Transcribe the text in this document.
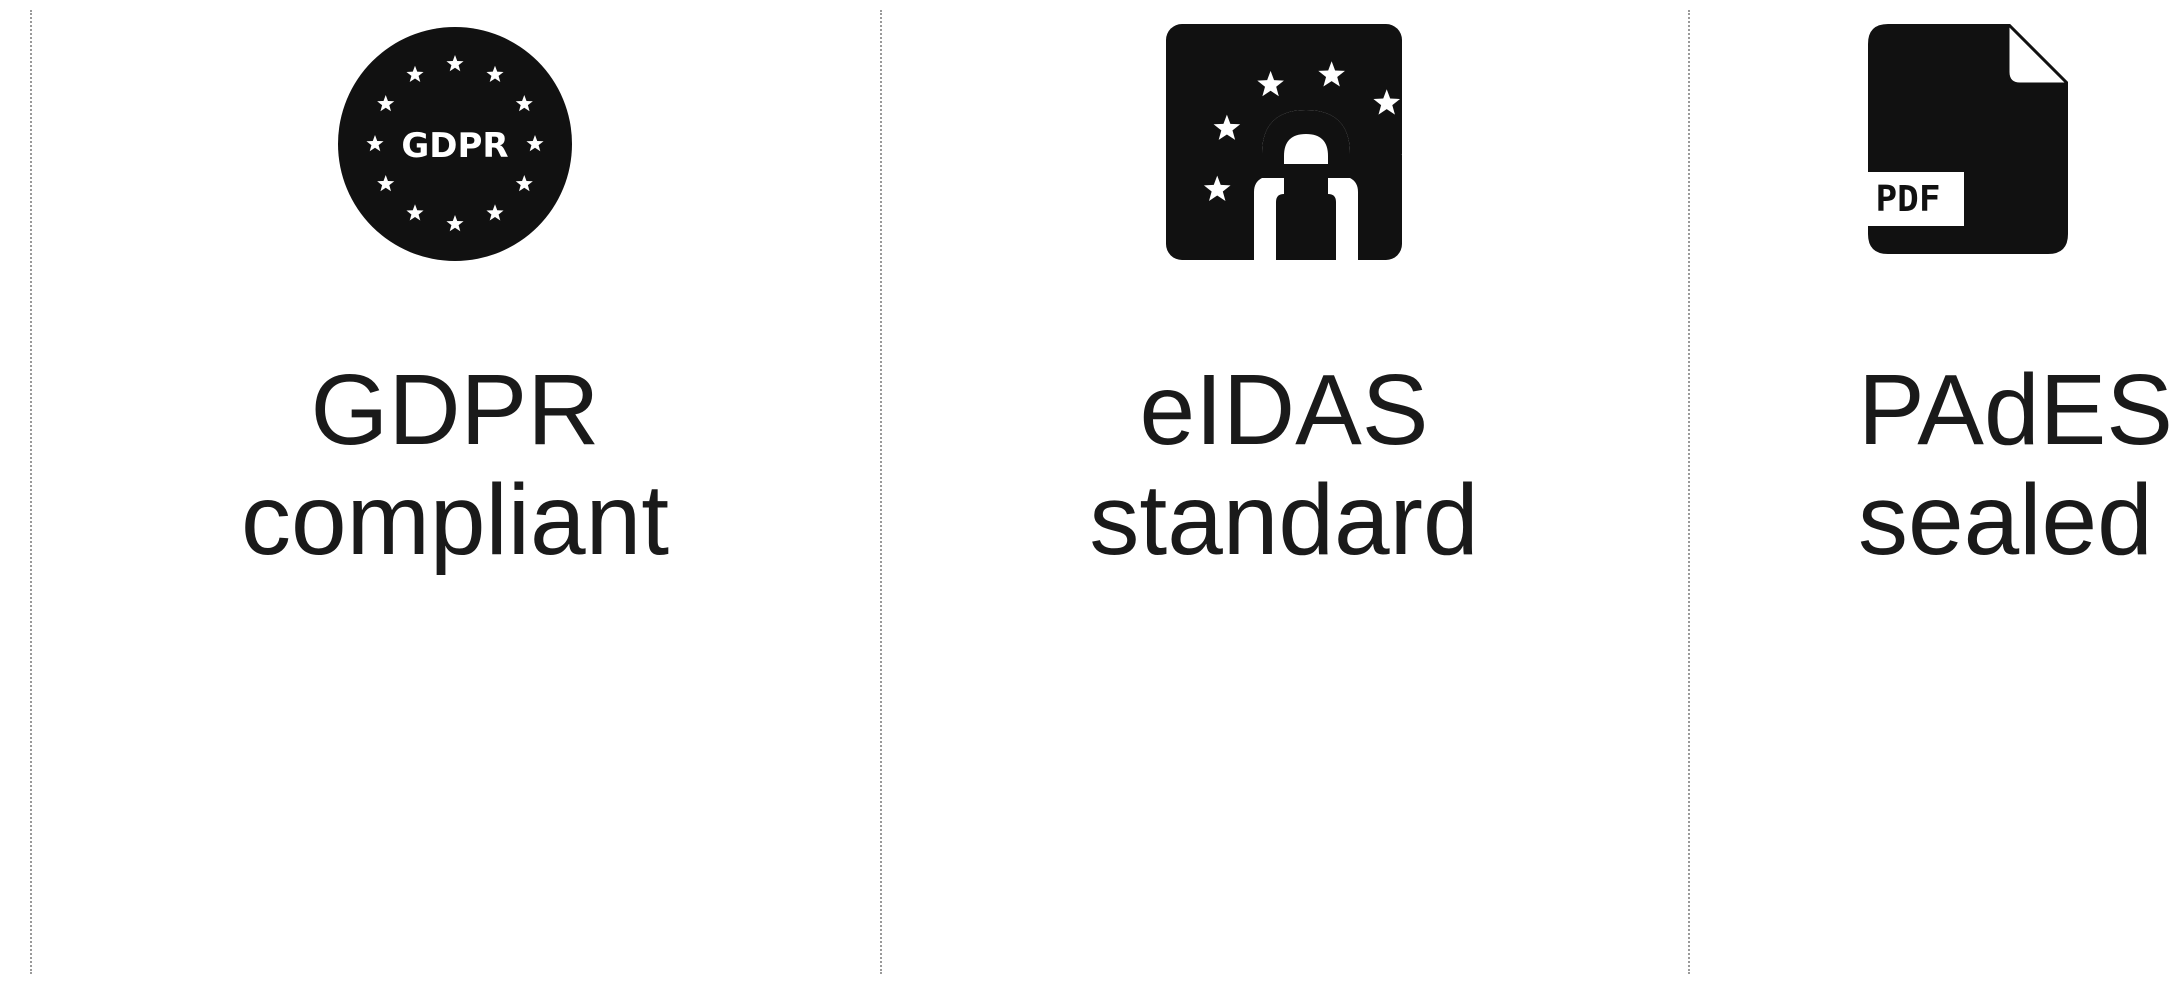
GDPR
GDPR
compliant
eIDAS
standard
PDF
PAdES
sealed
